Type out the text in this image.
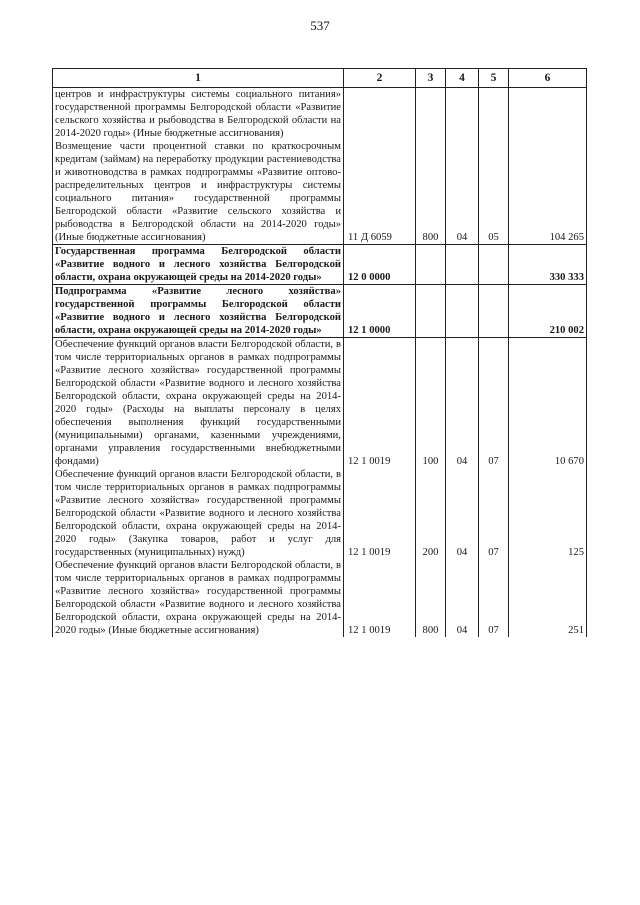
537
1	2	3	4	5	6
центров и инфраструктуры системы социального питания» государственной программы Белгородской области «Развитие сельского хозяйства и рыбоводства в Белгородской области на 2014-2020 годы» (Иные бюджетные ассигнования)					
Возмещение части процентной ставки по краткосрочным кредитам (займам) на переработку продукции растениеводства и животноводства в рамках подпрограммы «Развитие оптово-распределительных центров и инфраструктуры системы социального питания» государственной программы Белгородской области «Развитие сельского хозяйства и рыбоводства в Белгородской области на 2014-2020 годы» (Иные бюджетные ассигнования)	11 Д 6059	800	04	05	104 265
Государственная программа Белгородской области «Развитие водного и лесного хозяйства Белгородской области, охрана окружающей среды на 2014-2020 годы»	12 0 0000				330 333
Подпрограмма «Развитие лесного хозяйства» государственной программы Белгородской области «Развитие водного и лесного хозяйства Белгородской области, охрана окружающей среды на 2014-2020 годы»	12 1 0000				210 002
Обеспечение функций органов власти Белгородской области, в том числе территориальных органов в рамках подпрограммы «Развитие лесного хозяйства» государственной программы Белгородской области «Развитие водного и лесного хозяйства Белгородской области, охрана окружающей среды на 2014-2020 годы» (Расходы на выплаты персоналу в целях обеспечения выполнения функций государственными (муниципальными) органами, казенными учреждениями, органами управления государственными внебюджетными фондами)	12 1 0019	100	04	07	10 670
Обеспечение функций органов власти Белгородской области, в том числе территориальных органов в рамках подпрограммы «Развитие лесного хозяйства» государственной программы Белгородской области «Развитие водного и лесного хозяйства Белгородской области, охрана окружающей среды на 2014-2020 годы» (Закупка товаров, работ и услуг для государственных (муниципальных) нужд)	12 1 0019	200	04	07	125
Обеспечение функций органов власти Белгородской области, в том числе территориальных органов в рамках подпрограммы «Развитие лесного хозяйства» государственной программы Белгородской области «Развитие водного и лесного хозяйства Белгородской области, охрана окружающей среды на 2014-2020 годы» (Иные бюджетные ассигнования)	12 1 0019	800	04	07	251
